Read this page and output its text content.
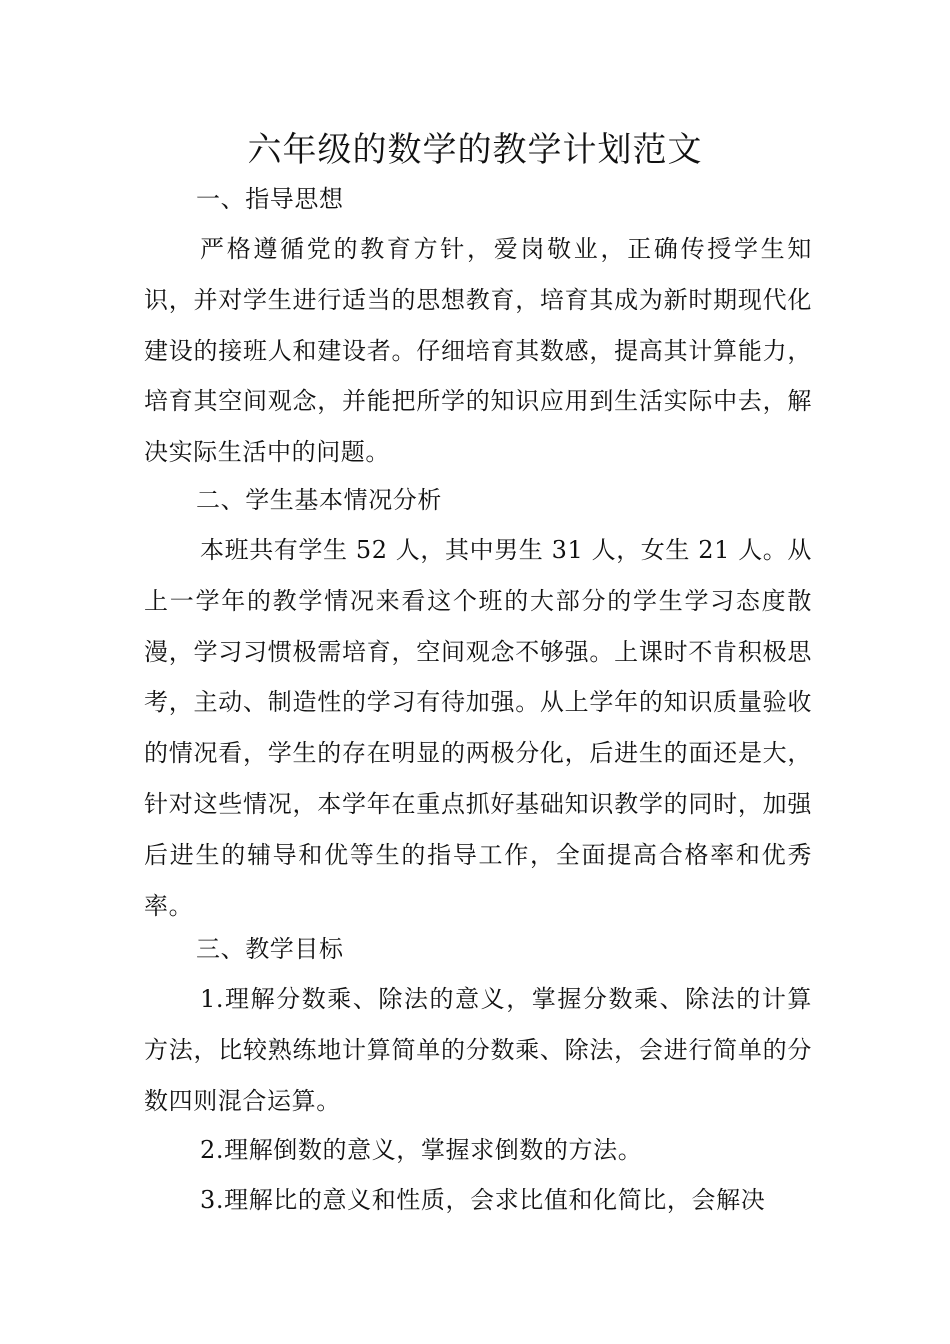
六年级的数学的教学计划范文
一、指导思想

严格遵循党的教育方针，爱岗敬业，正确传授学生知识，并对学生进行适当的思想教育，培育其成为新时期现代化建设的接班人和建设者。仔细培育其数感，提高其计算能力，培育其空间观念，并能把所学的知识应用到生活实际中去，解决实际生活中的问题。

二、学生基本情况分析

本班共有学生 52 人，其中男生 31 人，女生 21 人。从上一学年的教学情况来看这个班的大部分的学生学习态度散漫，学习习惯极需培育，空间观念不够强。上课时不肯积极思考，主动、制造性的学习有待加强。从上学年的知识质量验收的情况看，学生的存在明显的两极分化，后进生的面还是大，针对这些情况，本学年在重点抓好基础知识教学的同时，加强后进生的辅导和优等生的指导工作，全面提高合格率和优秀率。

三、教学目标

1.理解分数乘、除法的意义，掌握分数乘、除法的计算方法，比较熟练地计算简单的分数乘、除法，会进行简单的分数四则混合运算。

2.理解倒数的意义，掌握求倒数的方法。

3.理解比的意义和性质，会求比值和化简比，会解决
